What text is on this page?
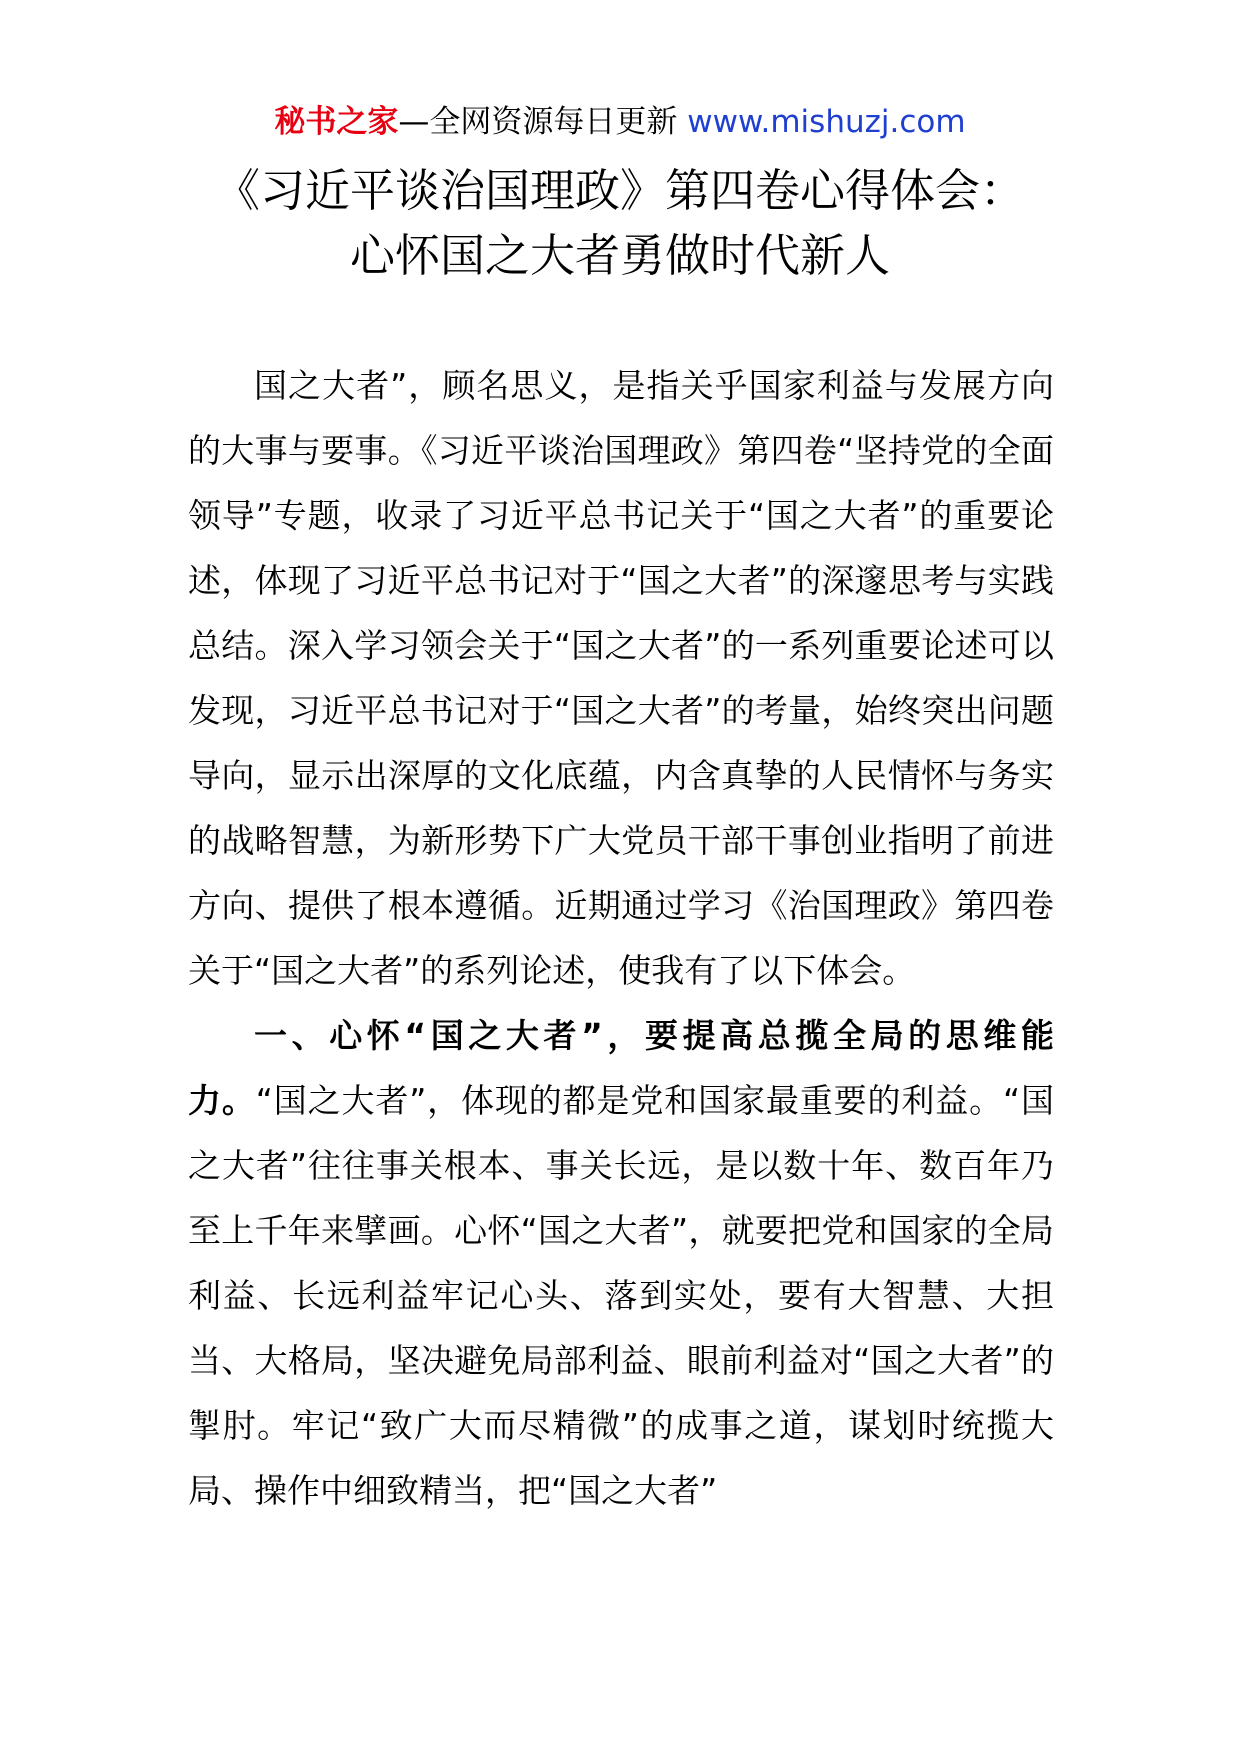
秘书之家—全网资源每日更新 www.mishuzj.com
《习近平谈治国理政》第四卷心得体会：
心怀国之大者勇做时代新人

国之大者”，顾名思义，是指关乎国家利益与发展方向的大事与要事。《习近平谈治国理政》第四卷“坚持党的全面领导”专题，收录了习近平总书记关于“国之大者”的重要论述，体现了习近平总书记对于“国之大者”的深邃思考与实践总结。深入学习领会关于“国之大者”的一系列重要论述可以发现，习近平总书记对于“国之大者”的考量，始终突出问题导向，显示出深厚的文化底蕴，内含真挚的人民情怀与务实的战略智慧，为新形势下广大党员干部干事创业指明了前进方向、提供了根本遵循。近期通过学习《治国理政》第四卷关于“国之大者”的系列论述，使我有了以下体会。

一、心怀“国之大者”，要提高总揽全局的思维能力。“国之大者”，体现的都是党和国家最重要的利益。“国之大者”往往事关根本、事关长远，是以数十年、数百年乃至上千年来擘画。心怀“国之大者”，就要把党和国家的全局利益、长远利益牢记心头、落到实处，要有大智慧、大担当、大格局，坚决避免局部利益、眼前利益对“国之大者”的掣肘。牢记“致广大而尽精微”的成事之道，谋划时统揽大局、操作中细致精当，把“国之大者”
